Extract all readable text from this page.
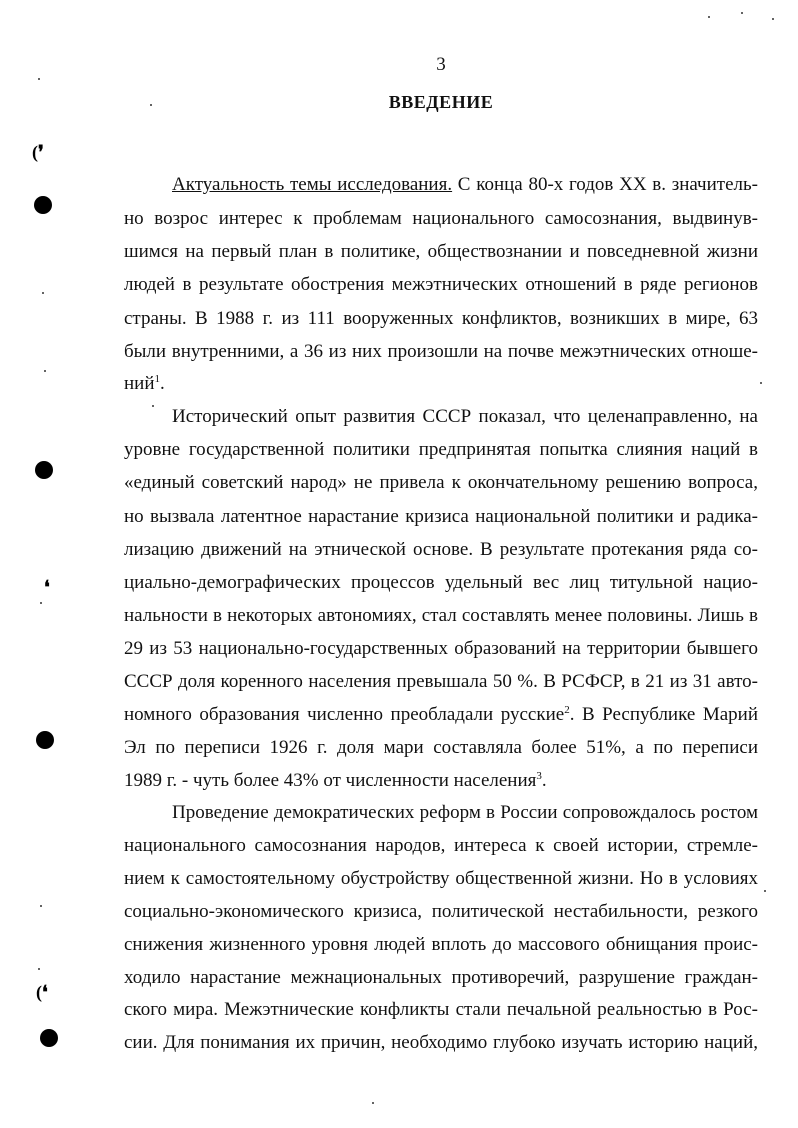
3
ВВЕДЕНИЕ
Актуальность темы исследования. С конца 80-х годов XX в. значитель-
но возрос интерес к проблемам национального самосознания, выдвинув-
шимся на первый план в политике, обществознании и повседневной жизни
людей в результате обострения межэтнических отношений в ряде регионов
страны. В 1988 г. из 111 вооруженных конфликтов, возникших в мире, 63
были внутренними, а 36 из них произошли на почве межэтнических отноше-
ний$^1$.
Исторический опыт развития СССР показал, что целенаправленно, на
уровне государственной политики предпринятая попытка слияния наций в
«единый советский народ» не привела к окончательному решению вопроса,
но вызвала латентное нарастание кризиса национальной политики и радика-
лизацию движений на этнической основе. В результате протекания ряда со-
циально-демографических процессов удельный вес лиц титульной нацио-
нальности в некоторых автономиях, стал составлять менее половины. Лишь в
29 из 53 национально-государственных образований на территории бывшего
СССР доля коренного населения превышала 50 %. В РСФСР, в 21 из 31 авто-
номного образования численно преобладали русские$^2$. В Республике Марий
Эл по переписи 1926 г. доля мари составляла более 51%, а по переписи
1989 г. - чуть более 43% от численности населения$^3$.
Проведение демократических реформ в России сопровождалось ростом
национального самосознания народов, интереса к своей истории, стремле-
нием к самостоятельному обустройству общественной жизни. Но в условиях
социально-экономического кризиса, политической нестабильности, резкого
снижения жизненного уровня людей вплоть до массового обнищания проис-
ходило нарастание межнациональных противоречий, разрушение граждан-
ского мира. Межэтнические конфликты стали печальной реальностью в Рос-
сии. Для понимания их причин, необходимо глубоко изучать историю наций,
(❜
❛
(❛
